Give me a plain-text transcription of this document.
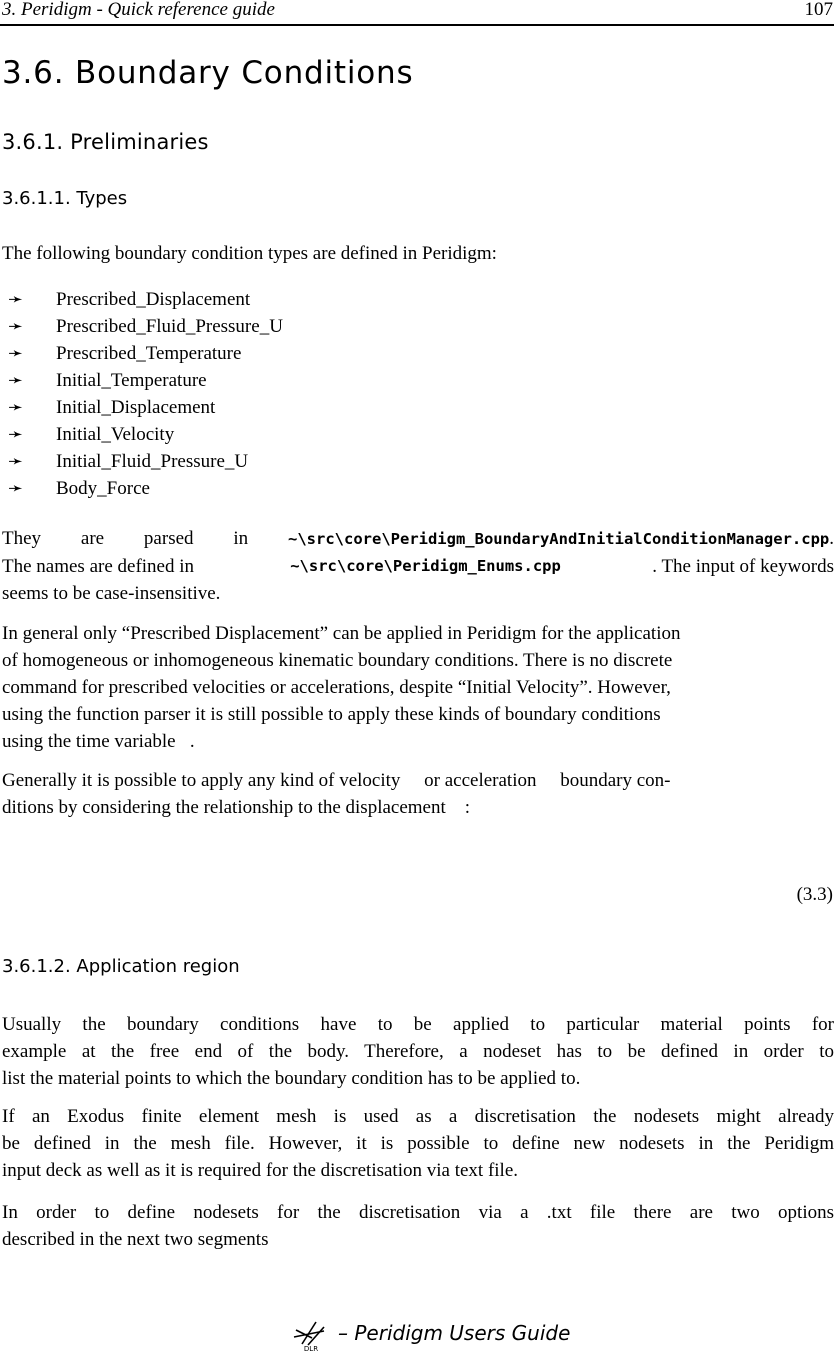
3. Peridigm - Quick reference guide	107
3.6. Boundary Conditions
3.6.1. Preliminaries
3.6.1.1. Types
The following boundary condition types are defined in Peridigm:
➛ Prescribed_Displacement
➛ Prescribed_Fluid_Pressure_U
➛ Prescribed_Temperature
➛ Initial_Temperature
➛ Initial_Displacement
➛ Initial_Velocity
➛ Initial_Fluid_Pressure_U
➛ Body_Force
They are parsed in ~\src\core\Peridigm_BoundaryAndInitialConditionManager.cpp.
The names are defined in	~\src\core\Peridigm_Enums.cpp	. The input of keywords
seems to be case-insensitive.
In general only “Prescribed Displacement” can be applied in Peridigm for the application
of homogeneous or inhomogeneous kinematic boundary conditions. There is no discrete
command for prescribed velocities or accelerations, despite “Initial Velocity”. However,
using the function parser it is still possible to apply these kinds of boundary conditions
using the time variable   .
Generally it is possible to apply any kind of velocity     or acceleration     boundary con-
ditions by considering the relationship to the displacement    :
(3.3)
3.6.1.2. Application region
Usually the boundary conditions have to be applied to particular material points for
example at the free end of the body. Therefore, a nodeset has to be defined in order to
list the material points to which the boundary condition has to be applied to.
If an Exodus finite element mesh is used as a discretisation the nodesets might already
be defined in the mesh file. However, it is possible to define new nodesets in the Peridigm
input deck as well as it is required for the discretisation via text file.
In order to define nodesets for the discretisation via a .txt file there are two options
described in the next two segments
DLR
– Peridigm Users Guide
